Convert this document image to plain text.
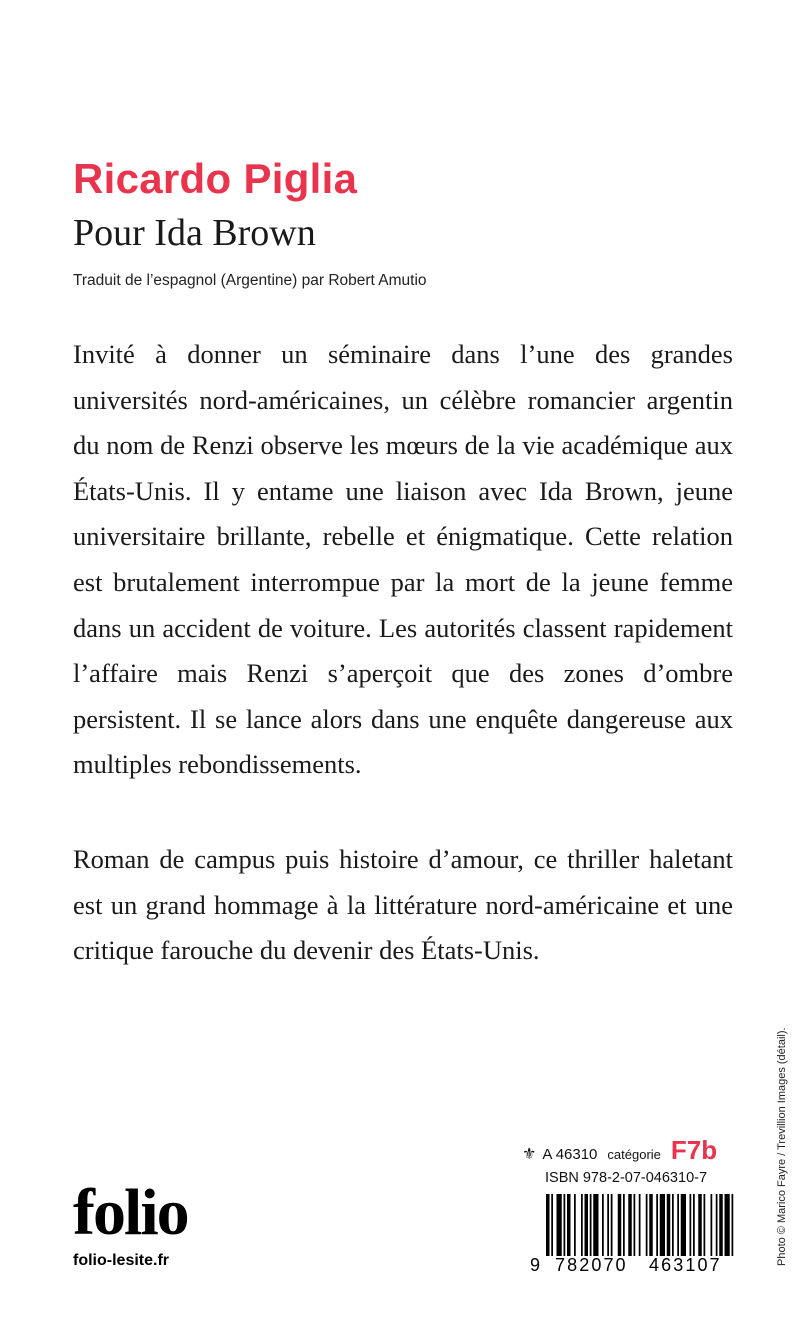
Ricardo Piglia
Pour Ida Brown
Traduit de l’espagnol (Argentine) par Robert Amutio
Invité à donner un séminaire dans l’une des grandes universités nord-américaines, un célèbre romancier argentin du nom de Renzi observe les mœurs de la vie académique aux États-Unis. Il y entame une liaison avec Ida Brown, jeune universitaire brillante, rebelle et énigmatique. Cette relation est brutalement interrompue par la mort de la jeune femme dans un accident de voiture. Les autorités classent rapidement l’affaire mais Renzi s’aperçoit que des zones d’ombre persistent. Il se lance alors dans une enquête dangereuse aux multiples rebondissements.
Roman de campus puis histoire d’amour, ce thriller haletant est un grand hommage à la littérature nord-américaine et une critique farouche du devenir des États-Unis.
Photo © Marico Fayre / Trevillion Images (détail).
folio
folio-lesite.fr
⚜ A 46310 catégorie F7b
ISBN 978-2-07-046310-7
9 782070 463107
